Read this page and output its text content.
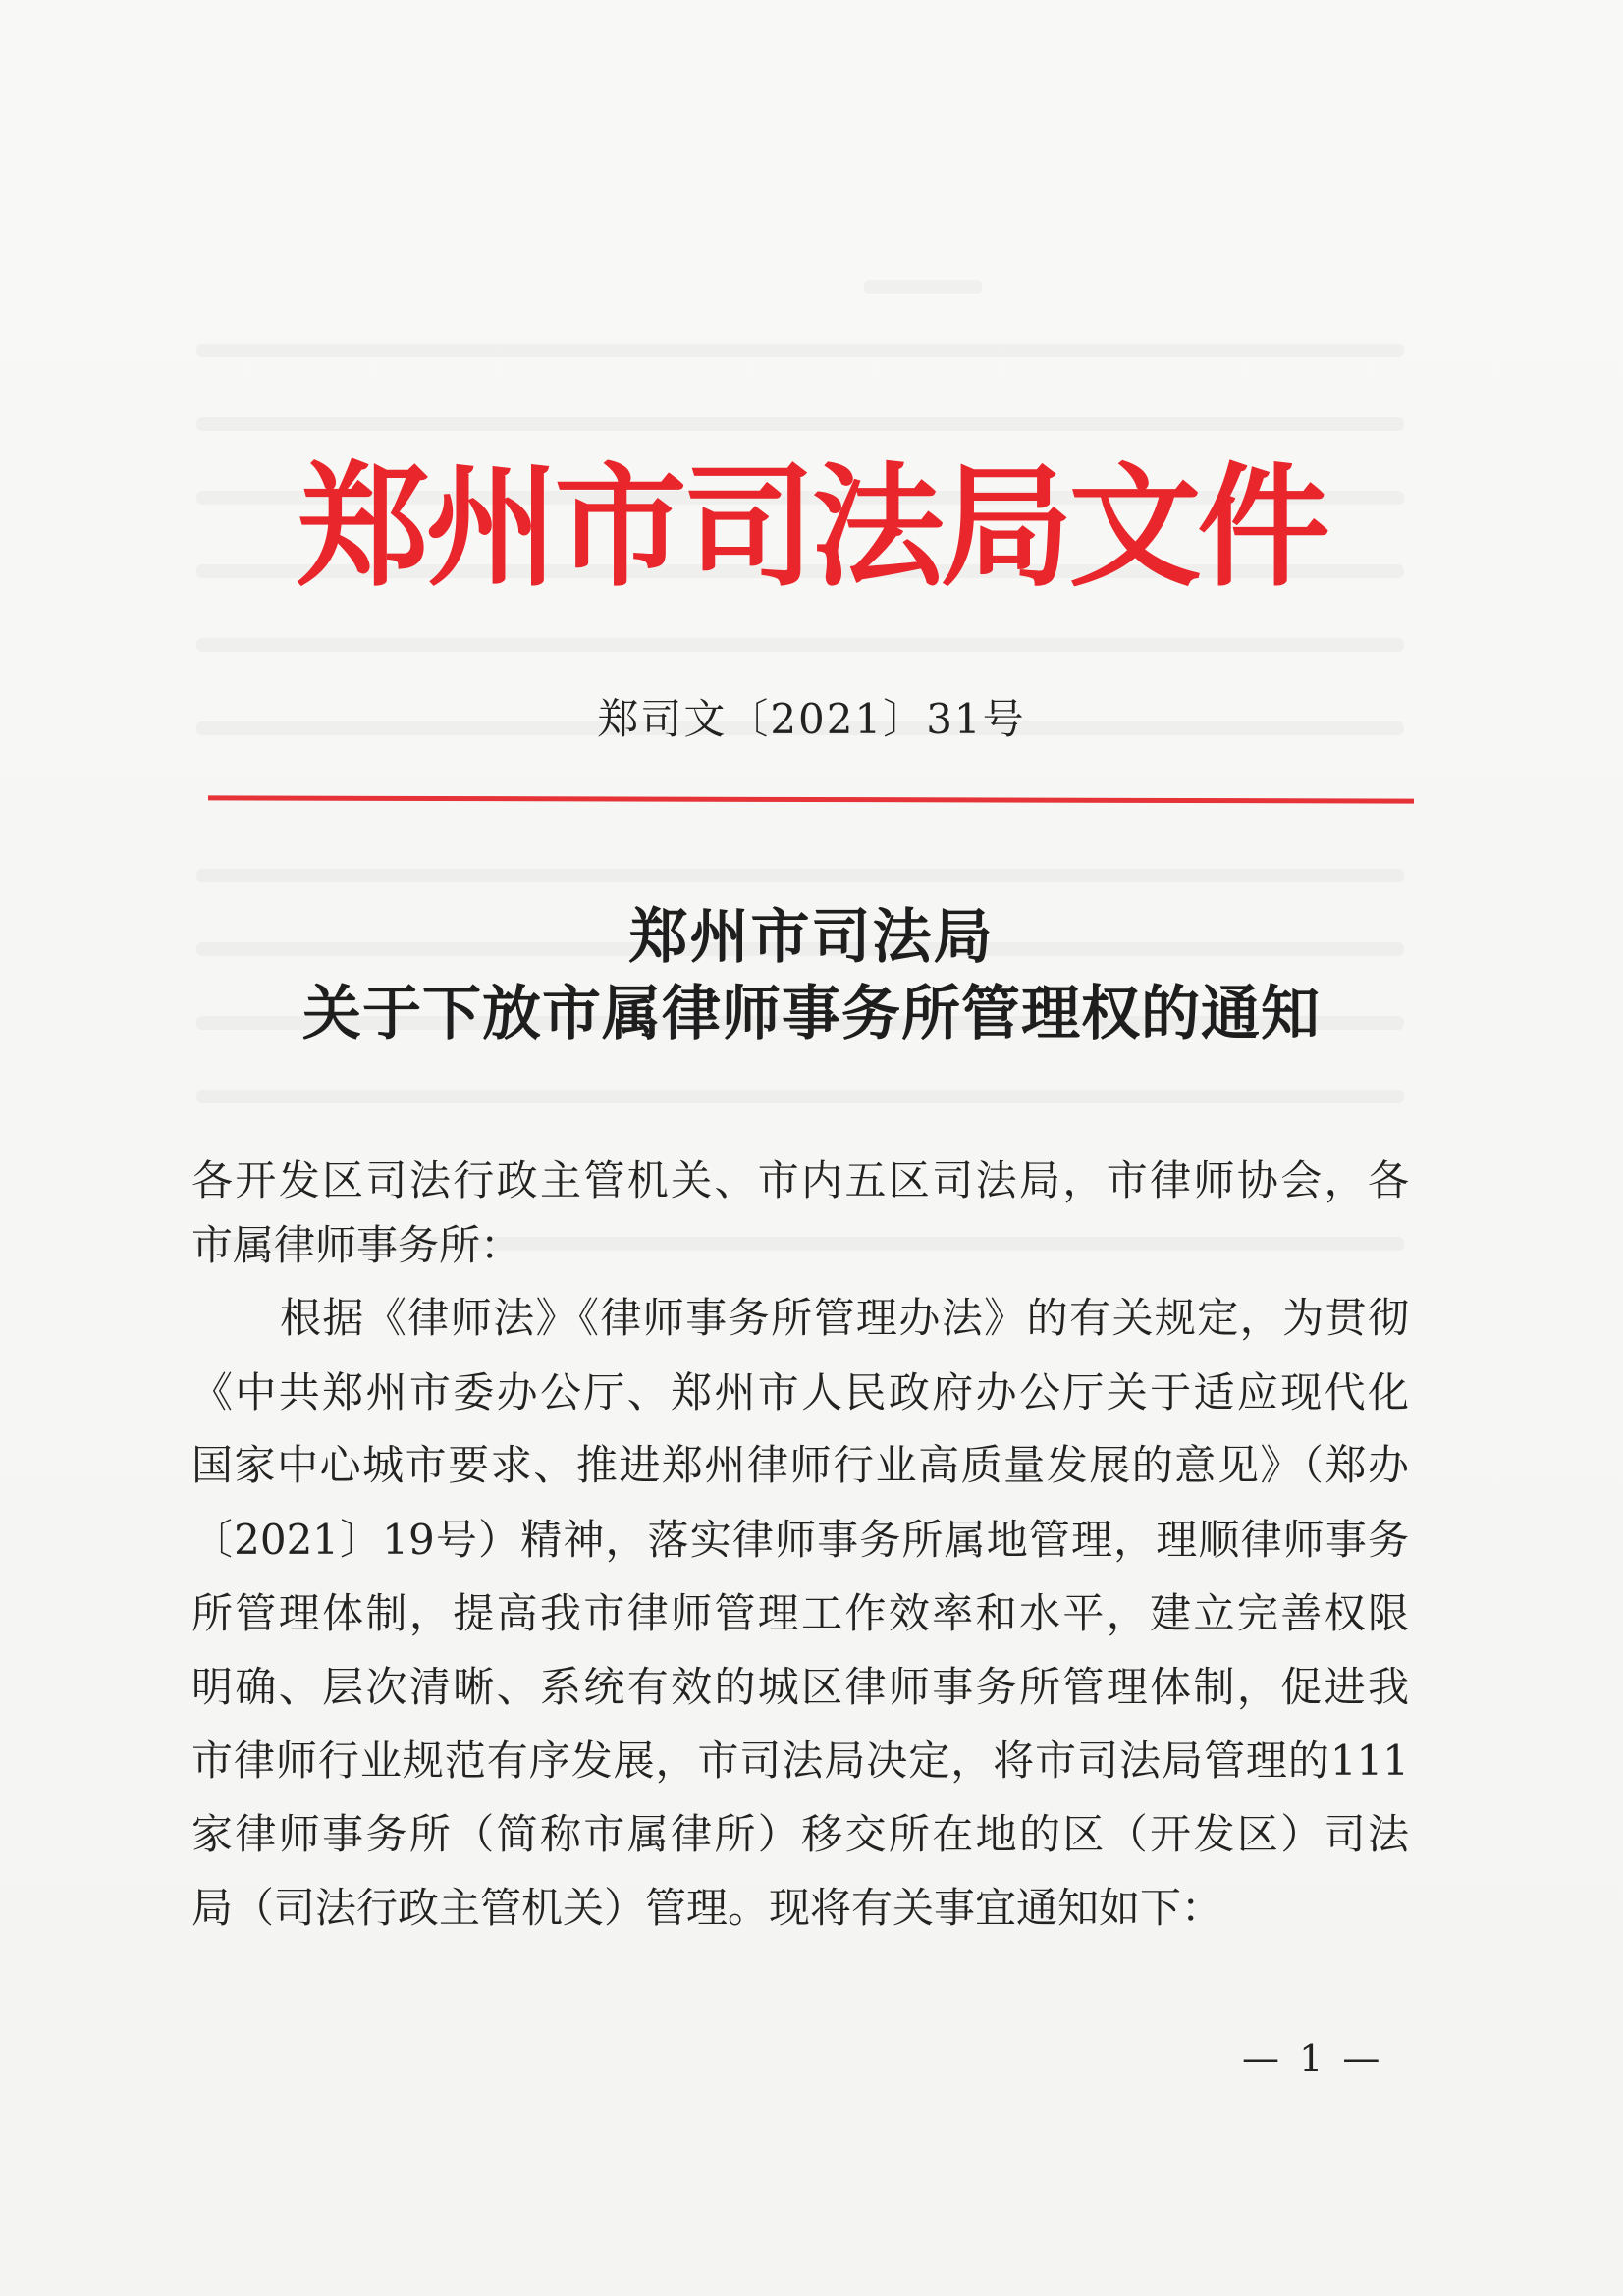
郑州市司法局文件
郑司文〔2021〕31号
郑州市司法局
关于下放市属律师事务所管理权的通知
各开发区司法行政主管机关、市内五区司法局，市律师协会，各
市属律师事务所：
根据《律师法》《律师事务所管理办法》的有关规定，为贯彻
《中共郑州市委办公厅、郑州市人民政府办公厅关于适应现代化
国家中心城市要求、推进郑州律师行业高质量发展的意见》（郑办
〔2021〕19号）精神，落实律师事务所属地管理，理顺律师事务
所管理体制，提高我市律师管理工作效率和水平，建立完善权限
明确、层次清晰、系统有效的城区律师事务所管理体制，促进我
市律师行业规范有序发展，市司法局决定，将市司法局管理的111
家律师事务所（简称市属律所）移交所在地的区（开发区）司法
局（司法行政主管机关）管理。现将有关事宜通知如下：
— 1 —
